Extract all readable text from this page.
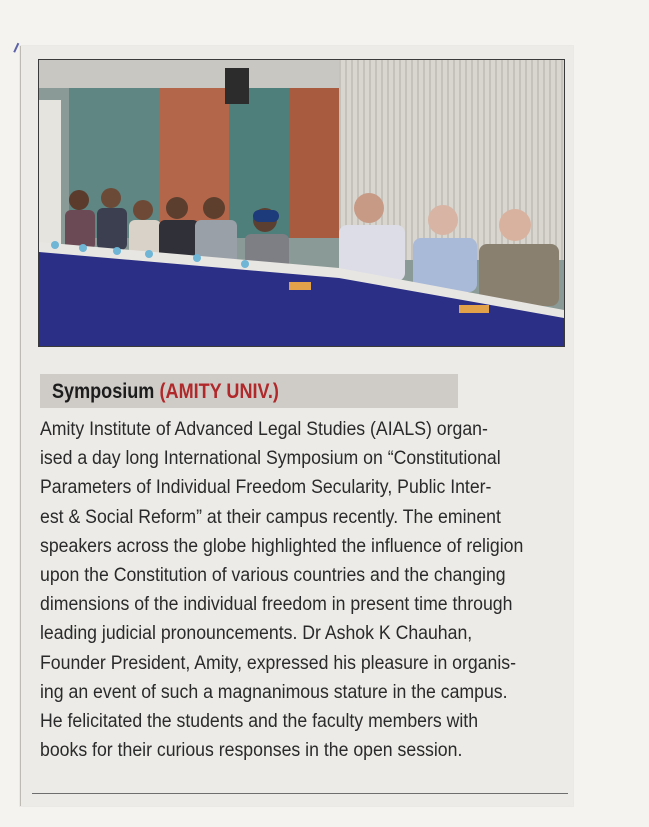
Symposium (AMITY UNIV.)
Amity Institute of Advanced Legal Studies (AIALS) organ-
ised a day long International Symposium on “Constitutional
Parameters of Individual Freedom Secularity, Public Inter-
est & Social Reform” at their campus recently. The eminent
speakers across the globe highlighted the influence of religion
upon the Constitution of various countries and the changing
dimensions of the individual freedom in present time through
leading judicial pronouncements. Dr Ashok K Chauhan,
Founder President, Amity, expressed his pleasure in organis-
ing an event of such a magnanimous stature in the campus.
He felicitated the students and the faculty members with
books for their curious responses in the open session.
